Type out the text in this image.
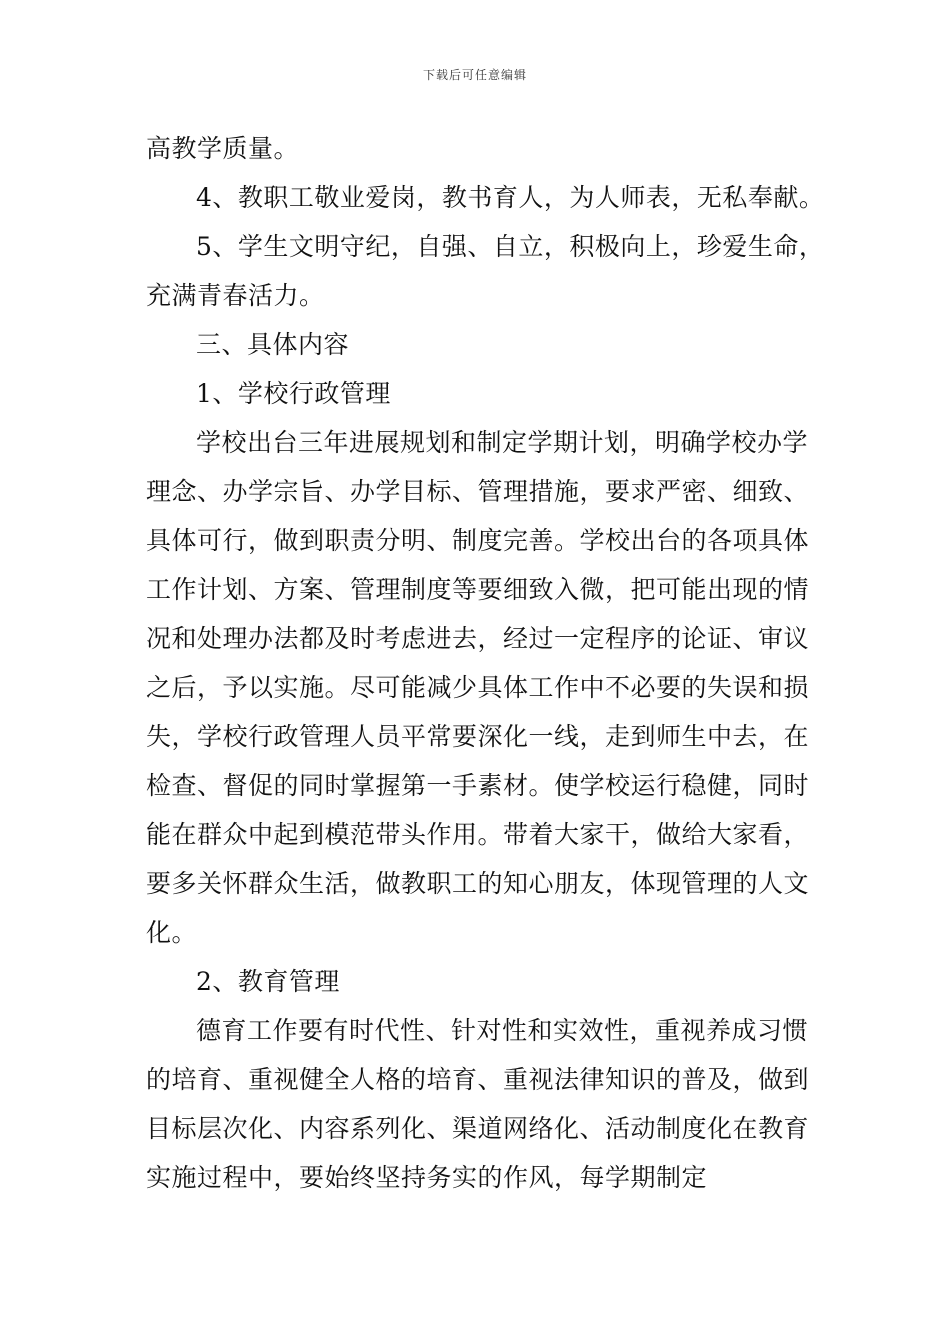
下载后可任意编辑

高教学质量。

4、教职工敬业爱岗，教书育人，为人师表，无私奉献。

5、学生文明守纪，自强、自立，积极向上，珍爱生命，充满青春活力。

三、具体内容

1、学校行政管理

学校出台三年进展规划和制定学期计划，明确学校办学理念、办学宗旨、办学目标、管理措施，要求严密、细致、具体可行，做到职责分明、制度完善。学校出台的各项具体工作计划、方案、管理制度等要细致入微，把可能出现的情况和处理办法都及时考虑进去，经过一定程序的论证、审议之后，予以实施。尽可能减少具体工作中不必要的失误和损失，学校行政管理人员平常要深化一线，走到师生中去，在检查、督促的同时掌握第一手素材。使学校运行稳健，同时能在群众中起到模范带头作用。带着大家干，做给大家看，要多关怀群众生活，做教职工的知心朋友，体现管理的人文化。

2、教育管理

德育工作要有时代性、针对性和实效性，重视养成习惯的培育、重视健全人格的培育、重视法律知识的普及，做到目标层次化、内容系列化、渠道网络化、活动制度化在教育实施过程中，要始终坚持务实的作风，每学期制定
